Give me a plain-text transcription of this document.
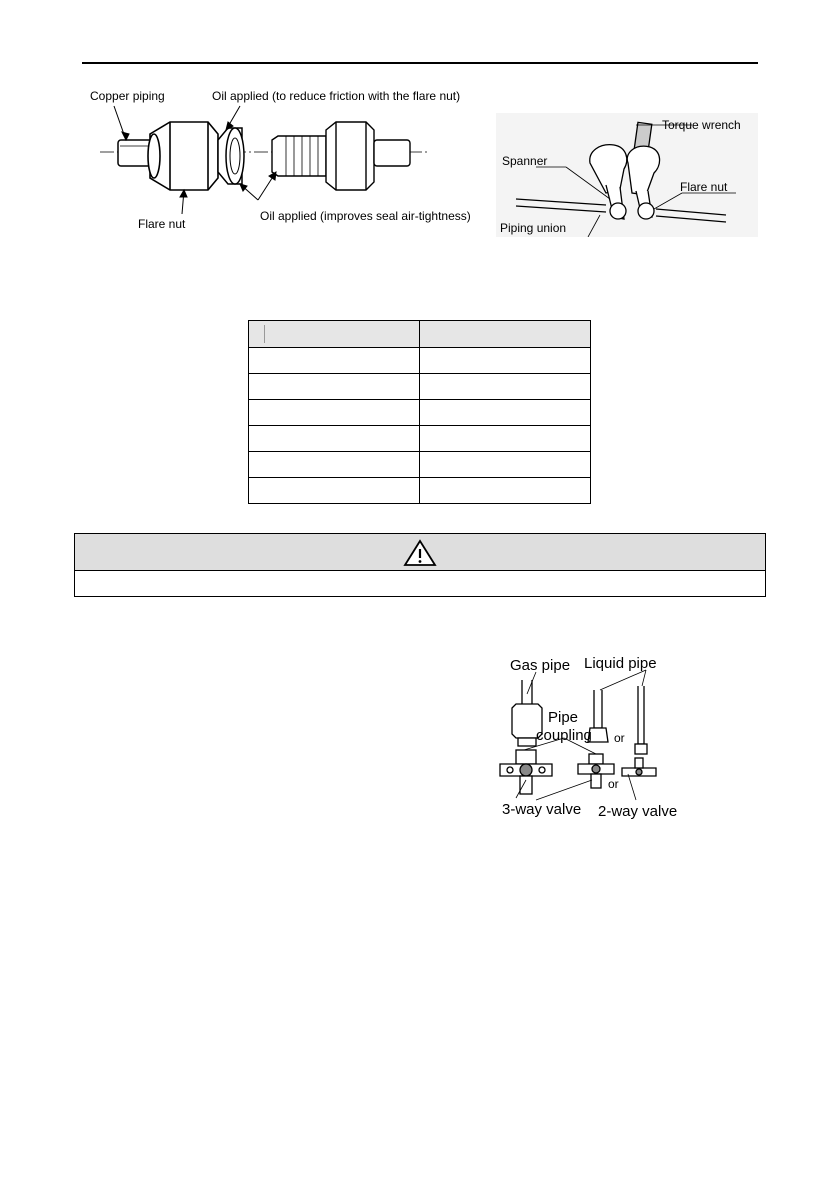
Copper piping	Oil applied (to reduce friction with the flare nut)
Flare nut
Oil applied (improves seal air-tightness)
Torque wrench
Spanner
Flare nut
Piping union

Gas pipe Liquid pipe
Pipe
coupling or
or
3-way valve 2-way valve
